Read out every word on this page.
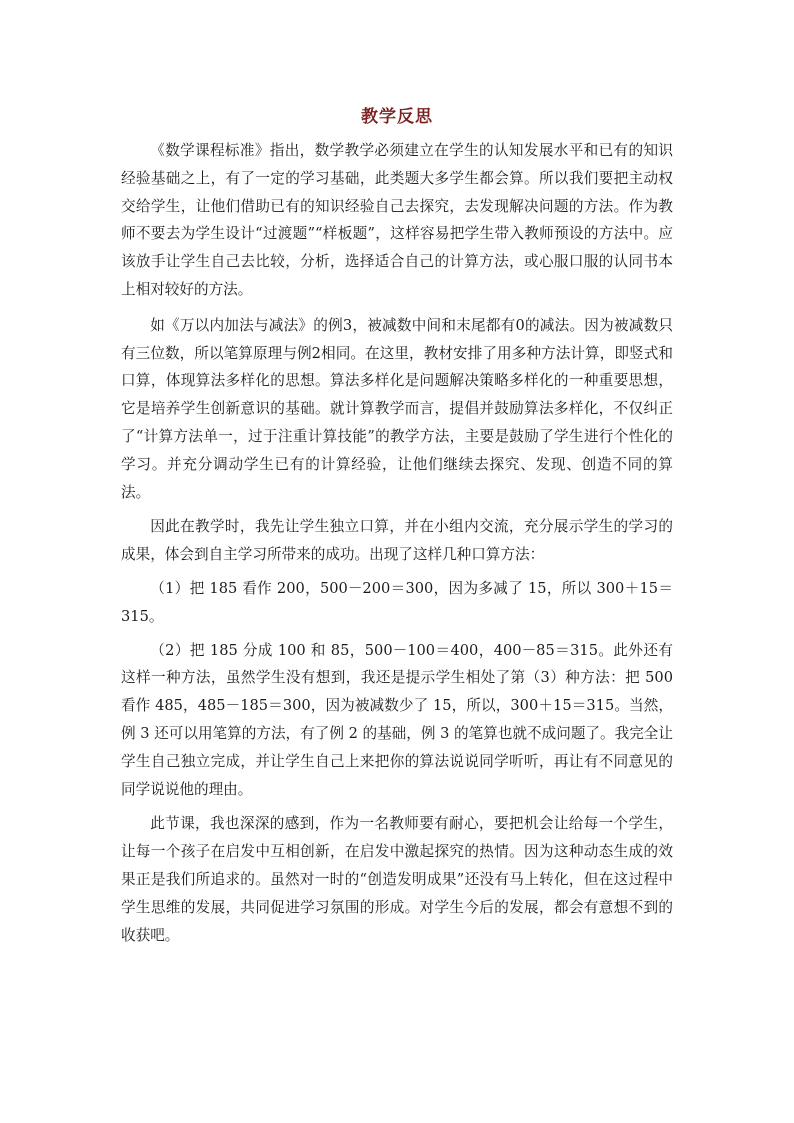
教学反思

《数学课程标准》指出，数学教学必须建立在学生的认知发展水平和已有的知识经验基础之上，有了一定的学习基础，此类题大多学生都会算。所以我们要把主动权交给学生，让他们借助已有的知识经验自己去探究，去发现解决问题的方法。作为教师不要去为学生设计“过渡题”“样板题”，这样容易把学生带入教师预设的方法中。应该放手让学生自己去比较，分析，选择适合自己的计算方法，或心服口服的认同书本上相对较好的方法。

如《万以内加法与减法》的例3，被减数中间和末尾都有0的减法。因为被减数只有三位数，所以笔算原理与例2相同。在这里，教材安排了用多种方法计算，即竖式和口算，体现算法多样化的思想。算法多样化是问题解决策略多样化的一种重要思想，它是培养学生创新意识的基础。就计算教学而言，提倡并鼓励算法多样化，不仅纠正了“计算方法单一，过于注重计算技能”的教学方法，主要是鼓励了学生进行个性化的学习。并充分调动学生已有的计算经验，让他们继续去探究、发现、创造不同的算法。

因此在教学时，我先让学生独立口算，并在小组内交流，充分展示学生的学习的成果，体会到自主学习所带来的成功。出现了这样几种口算方法：

（1）把 185 看作 200，500－200＝300，因为多减了 15，所以 300＋15＝315。

（2）把 185 分成 100 和 85，500－100＝400，400－85＝315。此外还有这样一种方法，虽然学生没有想到，我还是提示学生相处了第（3）种方法：把 500 看作 485，485－185＝300，因为被减数少了 15，所以，300＋15＝315。当然，例 3 还可以用笔算的方法，有了例 2 的基础，例 3 的笔算也就不成问题了。我完全让学生自己独立完成，并让学生自己上来把你的算法说说同学听听，再让有不同意见的同学说说他的理由。

此节课，我也深深的感到，作为一名教师要有耐心，要把机会让给每一个学生，让每一个孩子在启发中互相创新，在启发中激起探究的热情。因为这种动态生成的效果正是我们所追求的。虽然对一时的“创造发明成果”还没有马上转化，但在这过程中学生思维的发展，共同促进学习氛围的形成。对学生今后的发展，都会有意想不到的收获吧。
